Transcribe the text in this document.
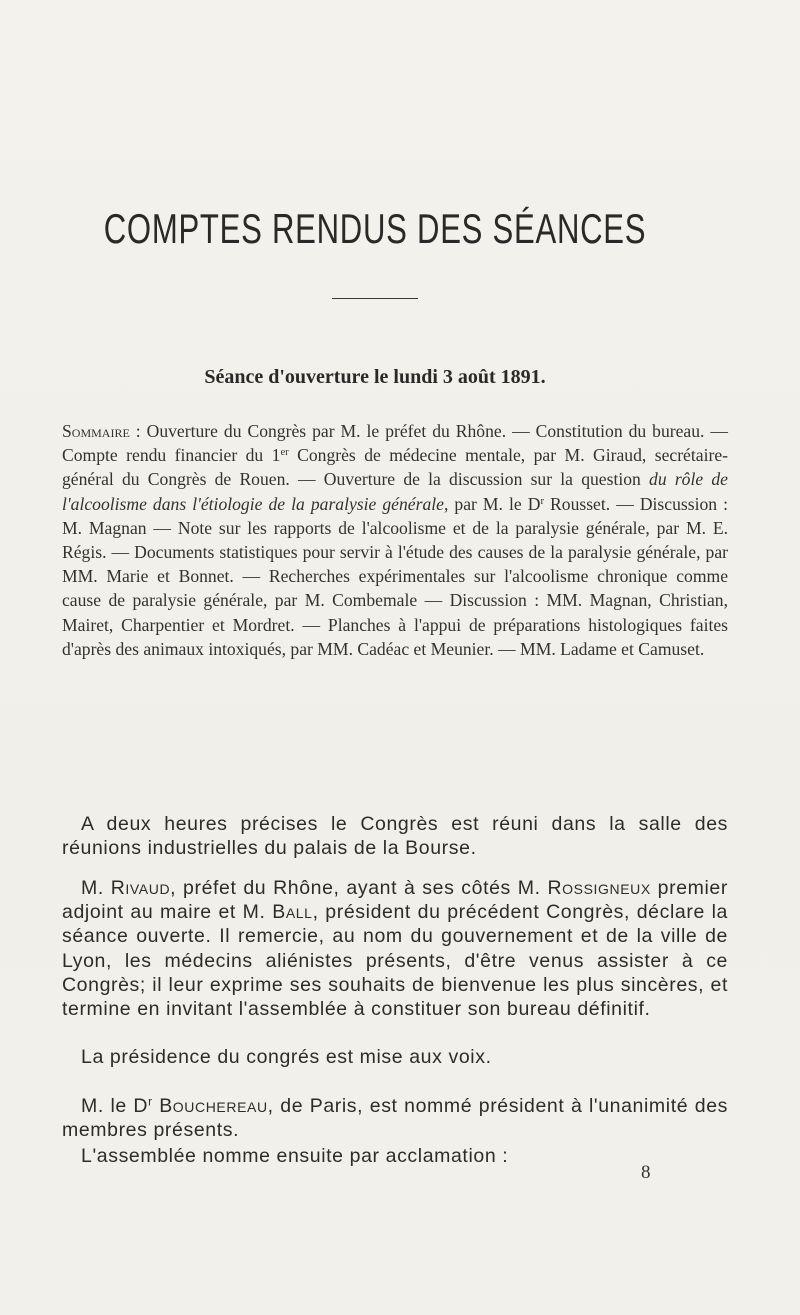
COMPTES RENDUS DES SÉANCES
Séance d'ouverture le lundi 3 août 1891.

Sommaire : Ouverture du Congrès par M. le préfet du Rhône. — Constitution du bureau. — Compte rendu financier du 1er Congrès de médecine mentale, par M. Giraud, secrétaire-général du Congrès de Rouen. — Ouverture de la discussion sur la question du rôle de l'alcoolisme dans l'étiologie de la paralysie générale, par M. le $D^r$ Rousset. — Discussion : M. Magnan — Note sur les rapports de l'alcoolisme et de la paralysie générale, par M. E. Régis. — Documents statistiques pour servir à l'étude des causes de la paralysie générale, par MM. Marie et Bonnet. — Recherches expérimentales sur l'alcoolisme chronique comme cause de paralysie générale, par M. Combemale — Discussion : MM. Magnan, Christian, Mairet, Charpentier et Mordret. — Planches à l'appui de préparations histologiques faites d'après des animaux intoxiqués, par MM. Cadéac et Meunier. — MM. Ladame et Camuset.

A deux heures précises le Congrès est réuni dans la salle des réunions industrielles du palais de la Bourse.

M. Rivaud, préfet du Rhône, ayant à ses côtés M. Rossigneux premier adjoint au maire et M. Ball, président du précédent Congrès, déclare la séance ouverte. Il remercie, au nom du gouvernement et de la ville de Lyon, les médecins aliénistes présents, d'être venus assister à ce Congrès; il leur exprime ses souhaits de bienvenue les plus sincères, et termine en invitant l'assemblée à constituer son bureau définitif.

La présidence du congrés est mise aux voix.

M. le $D^r$ Bouchereau, de Paris, est nommé président à l'unanimité des membres présents.

L'assemblée nomme ensuite par acclamation :

8
